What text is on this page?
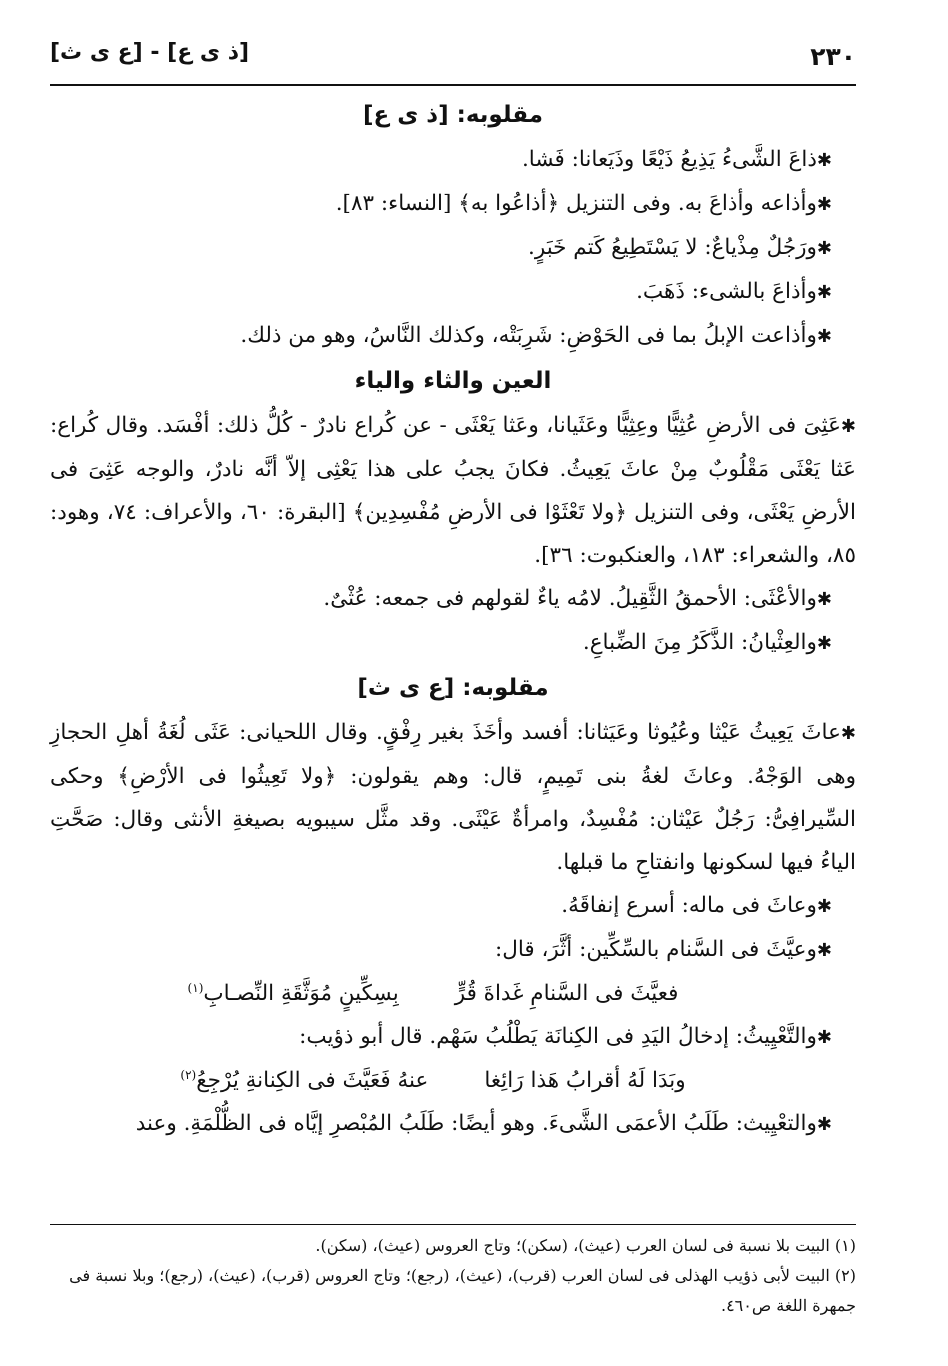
٢٣٠
[ذ ى ع] - [ع ى ث]
مقلوبه: [ذ ى ع]

✱ذاعَ الشَّىءُ يَذِيعُ ذَيْعًا وذَيَعانا: فَشا.

✱وأذاعه وأذاعَ به. وفى التنزيل ﴿أذاعُوا به﴾ [النساء: ٨٣].

✱ورَجُلٌ مِذْياعٌ: لا يَسْتَطِيعُ كَتم خَبَرٍ.

✱وأذاعَ بالشىء: ذَهَبَ.

✱وأذاعت الإبلُ بما فى الحَوْضِ: شَرِبَتْه، وكذلك النَّاسُ، وهو من ذلك.

العين والثاء والياء

✱عَثِىَ فى الأرضِ عُثِيًّا وعِثِيًّا وعَثَيانا، وعَثا يَعْثَى - عن كُراع نادرٌ - كُلُّ ذلك: أفْسَد. وقال كُراع: عَثا يَعْثَى مَقْلُوبٌ مِنْ عاثَ يَعِيثُ. فكانَ يجبُ على هذا يَعْثِى إلاّ أنَّه نادرٌ، والوجه عَثِىَ فى الأرضِ يَعْثَى، وفى التنزيل ﴿ولا تَعْثَوْا فى الأرضِ مُفْسِدِين﴾ [البقرة: ٦٠، والأعراف: ٧٤، وهود: ٨٥، والشعراء: ١٨٣، والعنكبوت: ٣٦].

✱والأعْثَى: الأحمقُ الثَّقِيلُ. لامُه ياءٌ لقولهم فى جمعه: عُثْىٌ.

✱والعِثْيانُ: الذَّكَرُ مِنَ الضِّباعِ.

مقلوبه: [ع ى ث]

✱عاثَ يَعِيثُ عَيْثا وعُيُوثا وعَيَثانا: أفسد وأخَذَ بغير رِفْقٍ. وقال اللحيانى: عَثَى لُغَةُ أهلِ الحجازِ وهى الوَجْهُ. وعاثَ لغةُ بنى تَمِيمٍ، قال: وهم يقولون: ﴿ولا تَعِيثُوا فى الأرْضِ﴾ وحكى السِّيرافِىُّ: رَجُلٌ عَيْثان: مُفْسِدٌ، وامرأةٌ عَيْثَى. وقد مثَّل سيبويه بصيغةِ الأنثى وقال: صَحَّتِ الياءُ فيها لسكونها وانفتاحِ ما قبلها.

✱وعاثَ فى ماله: أسرع إنفاقَهُ.

✱وعيَّثَ فى السَّنام بالسِّكِّين: أثَّرَ، قال:

فعيَّثَ فى السَّنامِ غَداةَ قُرٍّ
بِسِكِّينٍ مُوَثَّقَةِ النِّصـابِ$^{(١)}$

✱والتَّعْيِيثُ: إدخالُ اليَدِ فى الكِنانَة يَطْلُبُ سَهْم. قال أبو ذؤيب:

وبَدَا لَهُ أقرابُ هَذا رَائِغا
عنهُ فَعَيَّثَ فى الكِنانةِ يُرْجِعُ$^{(٢)}$

✱والتعْيِيث: طَلَبُ الأعمَى الشَّىءَ. وهو أيضًا: طَلَبُ المُبْصرِ إيَّاه فى الظُّلْمَةِ. وعند

(١) البيت بلا نسبة فى لسان العرب (عيث)، (سكن)؛ وتاج العروس (عيث)، (سكن).

(٢) البيت لأبى ذؤيب الهذلى فى لسان العرب (قرب)، (عيث)، (رجع)؛ وتاج العروس (قرب)، (عيث)، (رجع)؛ وبلا نسبة فى جمهرة اللغة ص٤٦٠.
